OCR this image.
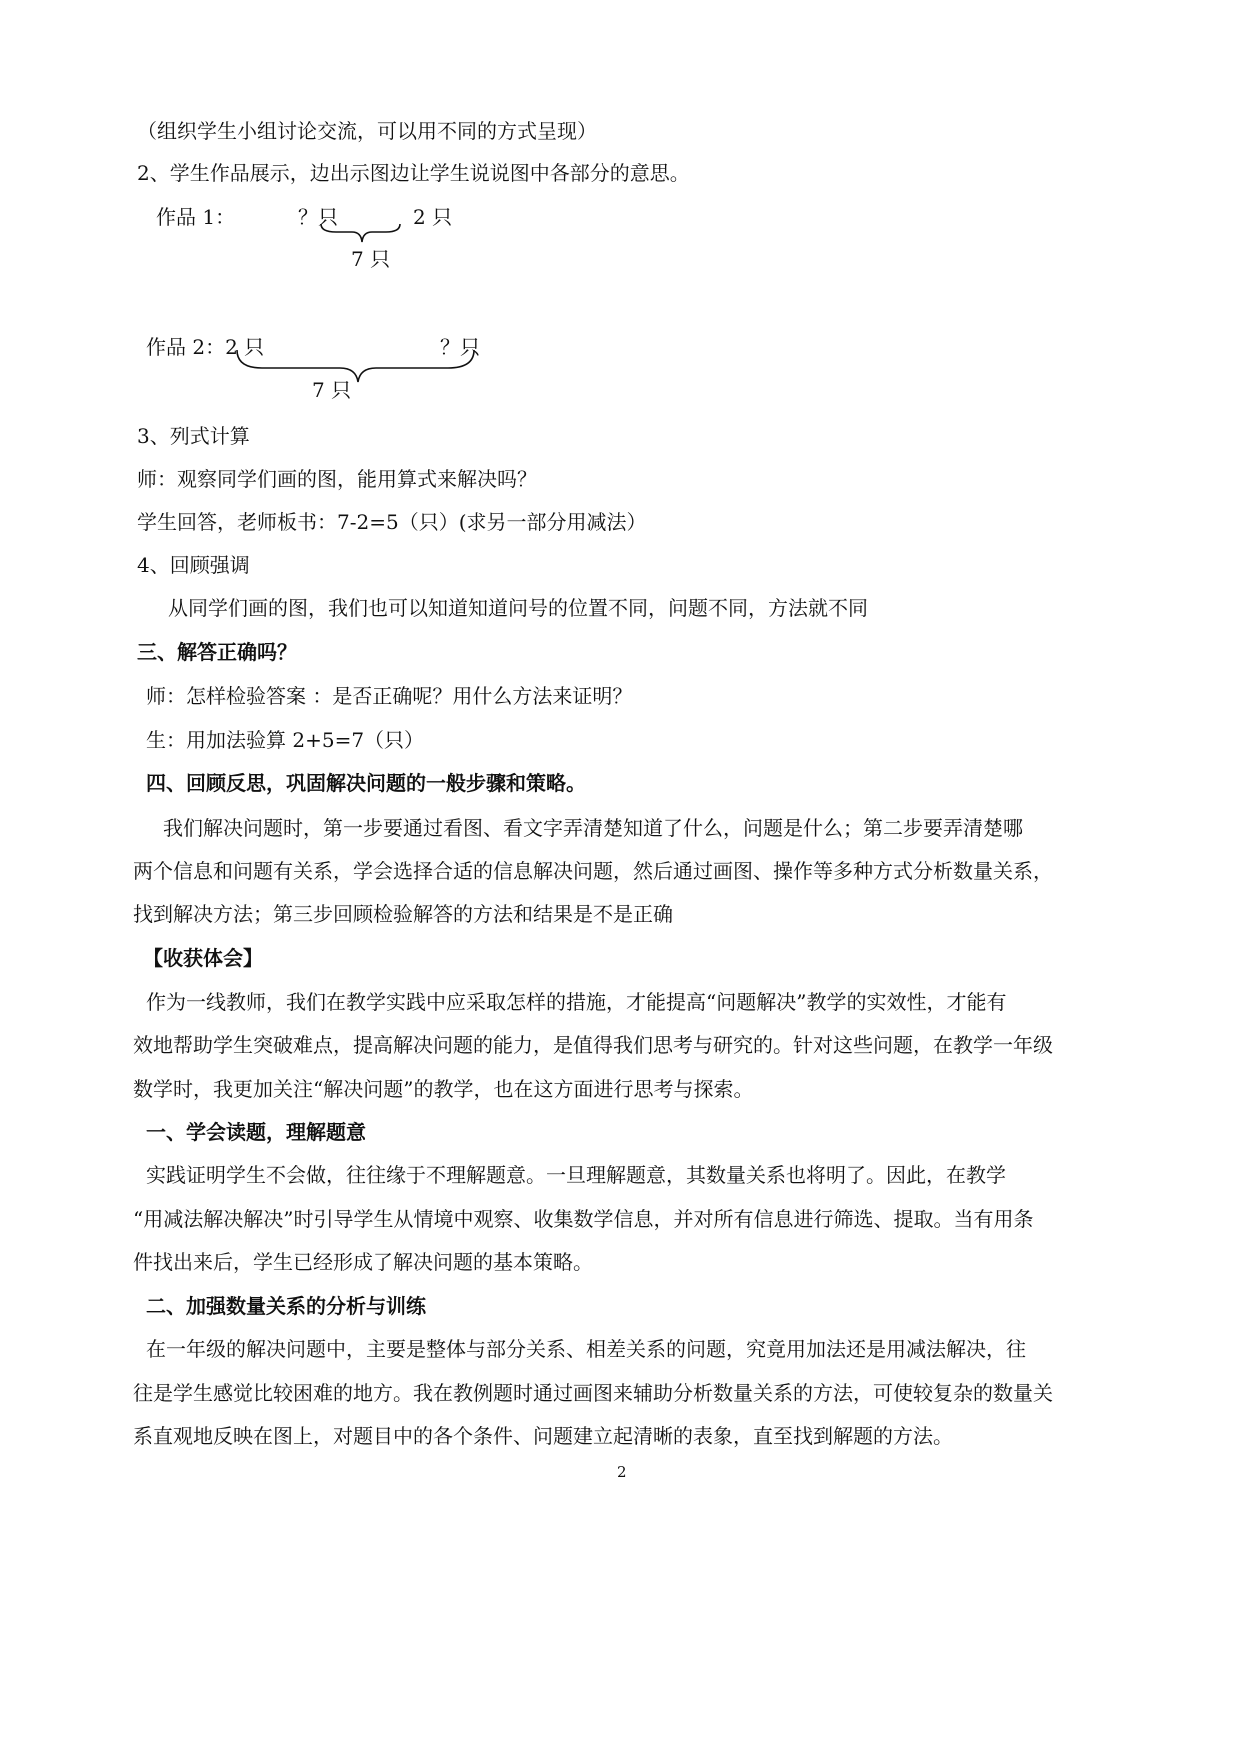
（组织学生小组讨论交流，可以用不同的方式呈现）
2、学生作品展示，边出示图边让学生说说图中各部分的意思。
作品 1：	？只	2 只
7 只
作品 2：2 只	？只
7 只
3、列式计算
师：观察同学们画的图，能用算式来解决吗？
学生回答，老师板书：7-2=5（只）(求另一部分用减法）
4、回顾强调
从同学们画的图，我们也可以知道知道问号的位置不同，问题不同，方法就不同
三、解答正确吗？
师：怎样检验答案 ：是否正确呢？用什么方法来证明？
生：用加法验算 2+5=7（只）
四、回顾反思，巩固解决问题的一般步骤和策略。
我们解决问题时，第一步要通过看图、看文字弄清楚知道了什么，问题是什么；第二步要弄清楚哪
两个信息和问题有关系，学会选择合适的信息解决问题，然后通过画图、操作等多种方式分析数量关系，
找到解决方法；第三步回顾检验解答的方法和结果是不是正确
【收获体会】
作为一线教师，我们在教学实践中应采取怎样的措施，才能提高“问题解决”教学的实效性，才能有
效地帮助学生突破难点，提高解决问题的能力，是值得我们思考与研究的。针对这些问题，在教学一年级
数学时，我更加关注“解决问题”的教学，也在这方面进行思考与探索。
一、学会读题，理解题意
实践证明学生不会做，往往缘于不理解题意。一旦理解题意，其数量关系也将明了。因此，在教学
“用减法解决解决”时引导学生从情境中观察、收集数学信息，并对所有信息进行筛选、提取。当有用条
件找出来后，学生已经形成了解决问题的基本策略。
二、加强数量关系的分析与训练
在一年级的解决问题中，主要是整体与部分关系、相差关系的问题，究竟用加法还是用减法解决，往
往是学生感觉比较困难的地方。我在教例题时通过画图来辅助分析数量关系的方法，可使较复杂的数量关
系直观地反映在图上，对题目中的各个条件、问题建立起清晰的表象，直至找到解题的方法。
2
